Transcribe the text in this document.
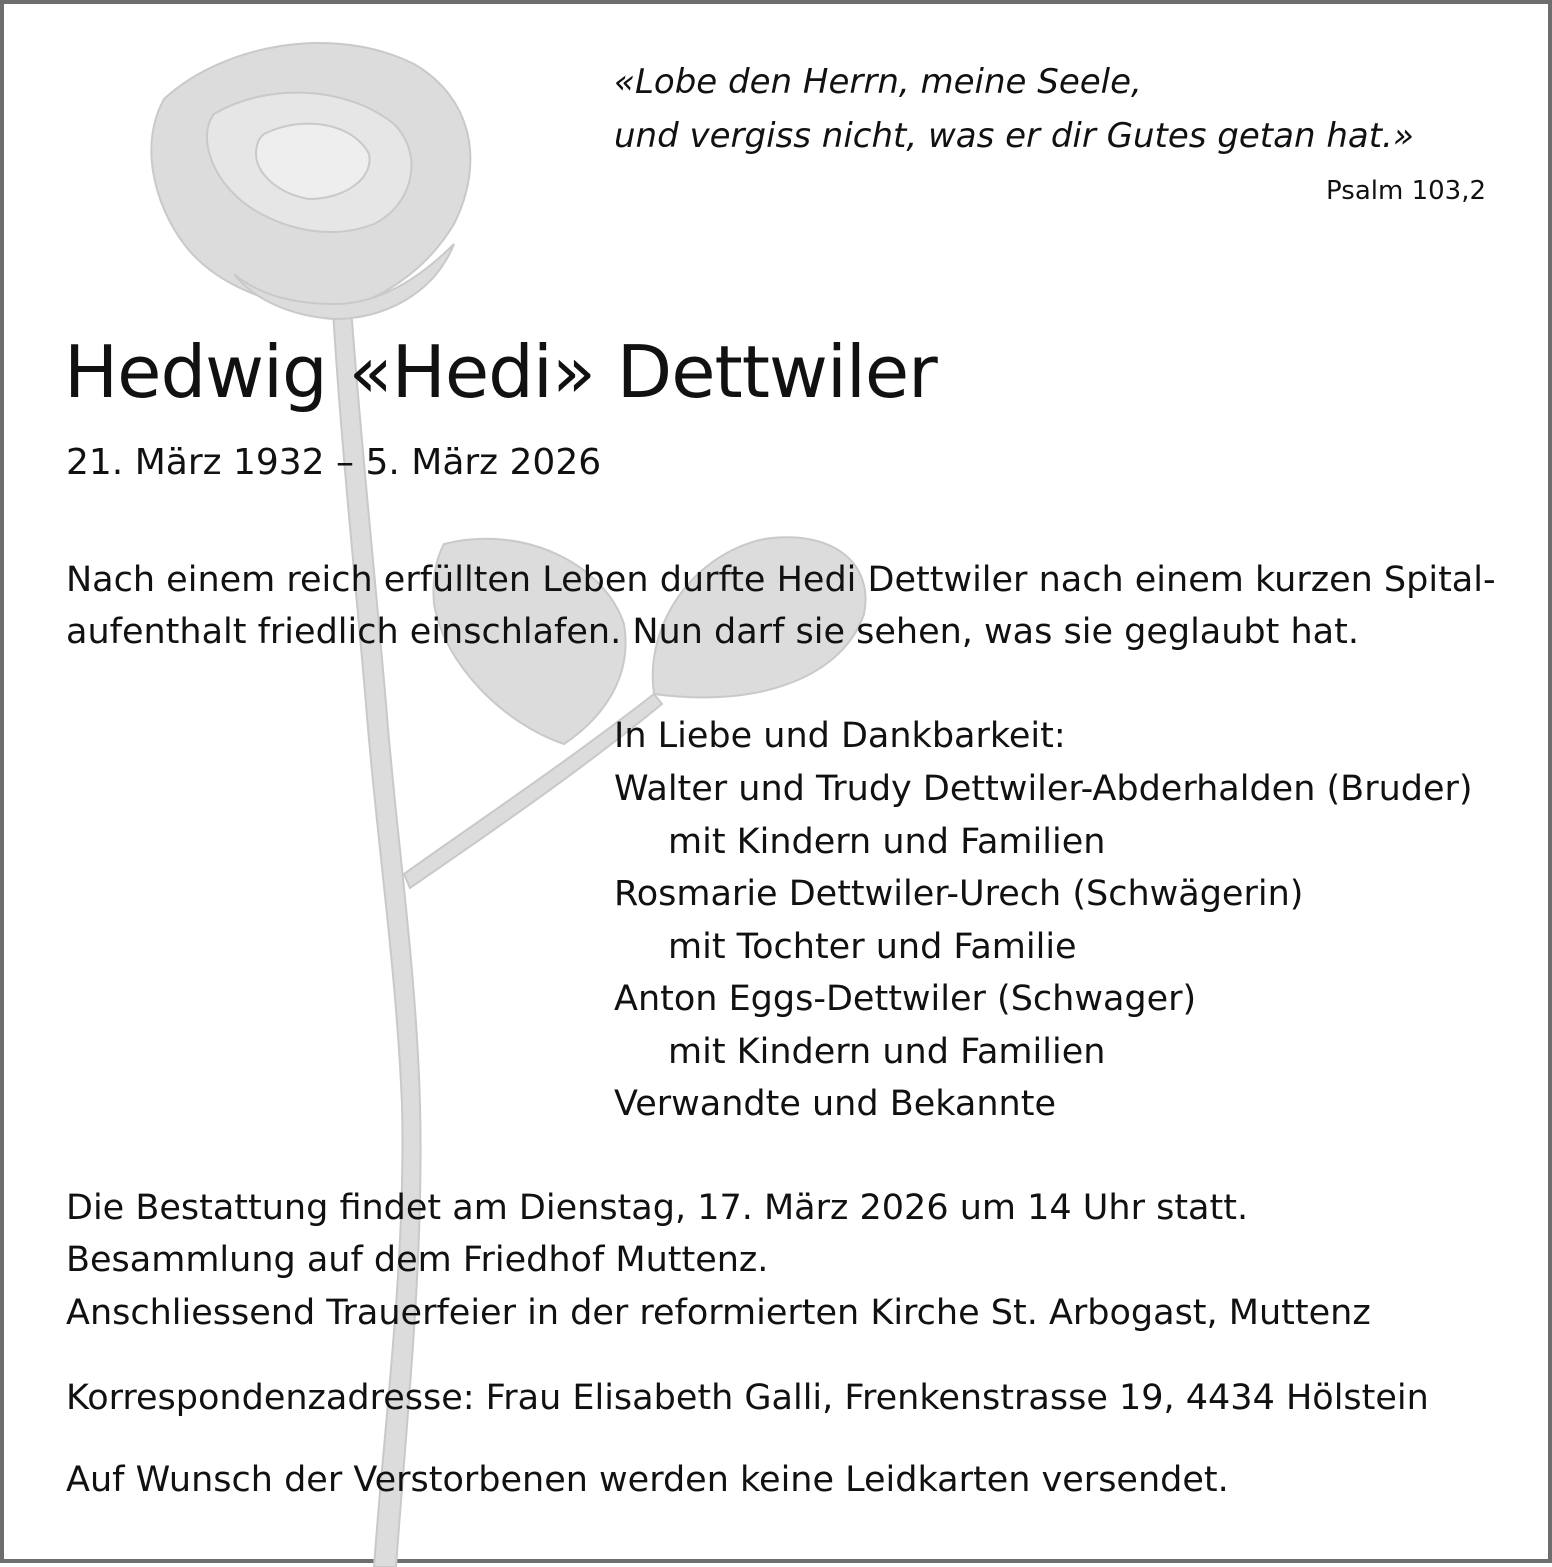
«Lobe den Herrn, meine Seele,

und vergiss nicht, was er dir Gutes getan hat.»

Psalm 103,2

Hedwig «Hedi» Dettwiler

21. März 1932 – 5. März 2026

Nach einem reich erfüllten Leben durfte Hedi Dettwiler nach einem kurzen Spital-

aufenthalt friedlich einschlafen. Nun darf sie sehen, was sie geglaubt hat.

In Liebe und Dankbarkeit:

Walter und Trudy Dettwiler-Abderhalden (Bruder)

mit Kindern und Familien

Rosmarie Dettwiler-Urech (Schwägerin)

mit Tochter und Familie

Anton Eggs-Dettwiler (Schwager)

mit Kindern und Familien

Verwandte und Bekannte

Die Bestattung findet am Dienstag, 17. März 2026 um 14 Uhr statt.

Besammlung auf dem Friedhof Muttenz.

Anschliessend Trauerfeier in der reformierten Kirche St. Arbogast, Muttenz

Korrespondenzadresse: Frau Elisabeth Galli, Frenkenstrasse 19, 4434 Hölstein

Auf Wunsch der Verstorbenen werden keine Leidkarten versendet.
